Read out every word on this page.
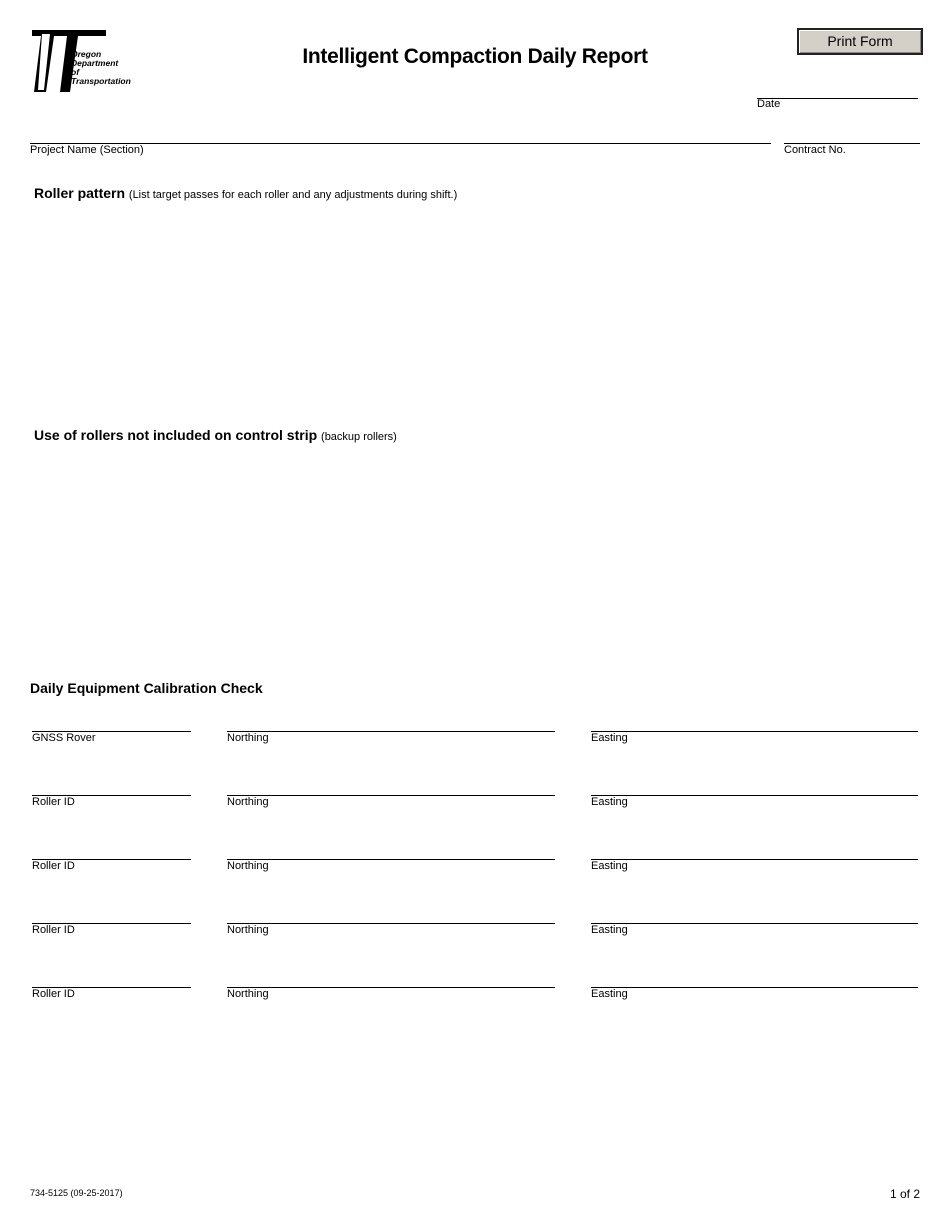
Oregon
Department
of Transportation
Intelligent Compaction Daily Report
Print Form
Date
Project Name (Section)	Contract No.
Roller pattern (List target passes for each roller and any adjustments during shift.)
Use of rollers not included on control strip (backup rollers)
Daily Equipment Calibration Check
GNSS Rover	Northing	Easting
Roller ID	Northing	Easting
Roller ID	Northing	Easting
Roller ID	Northing	Easting
Roller ID	Northing	Easting
734-5125 (09-25-2017)	1 of 2
